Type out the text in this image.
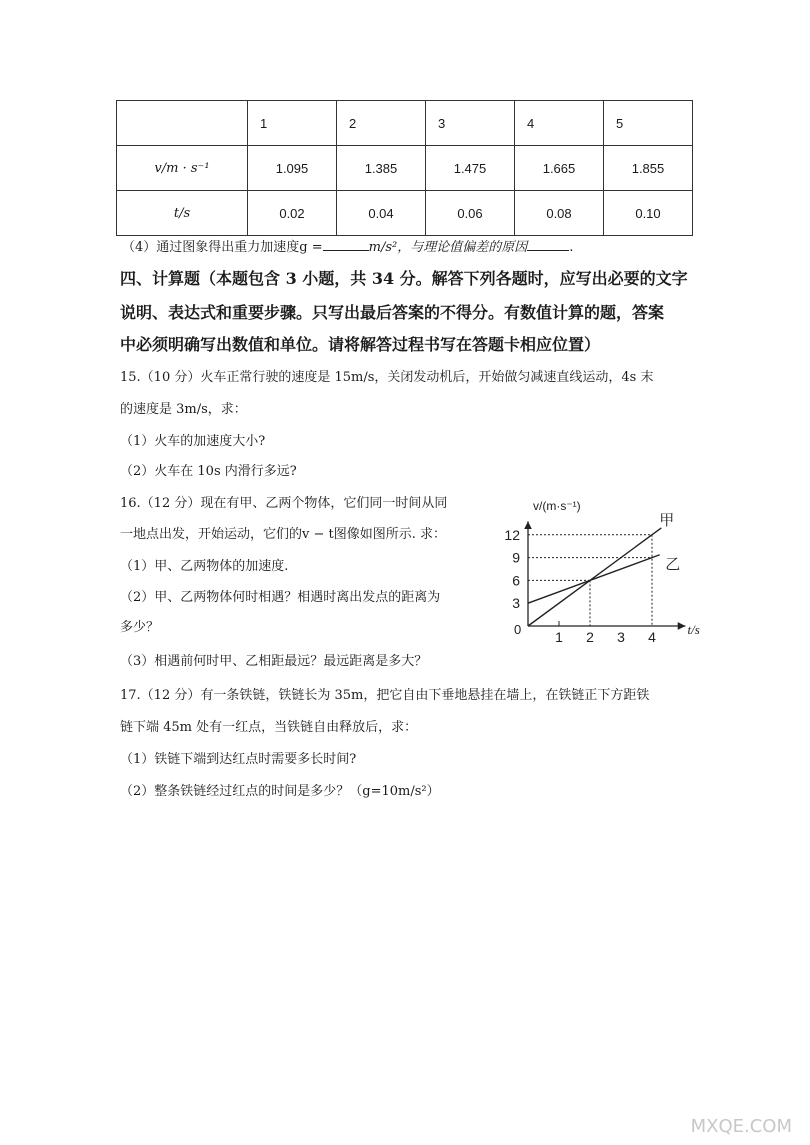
	1	2	3	4	5
v/m · s⁻¹	1.095	1.385	1.475	1.665	1.855
t/s	0.02	0.04	0.06	0.08	0.10
（4）通过图象得出重力加速度g =	m/s²，与理论值偏差的原因	.
四、计算题（本题包含 3 小题，共 34 分。解答下列各题时，应写出必要的文字
说明、表达式和重要步骤。只写出最后答案的不得分。有数值计算的题，答案
中必须明确写出数值和单位。请将解答过程书写在答题卡相应位置）
15.（10 分）火车正常行驶的速度是 15m/s，关闭发动机后，开始做匀减速直线运动，4s 末
的速度是 3m/s，求：
（1）火车的加速度大小?
（2）火车在 10s 内滑行多远?
16.（12 分）现在有甲、乙两个物体，它们同一时间从同
一地点出发，开始运动，它们的v − t图像如图所示. 求：
（1）甲、乙两物体的加速度.
（2）甲、乙两物体何时相遇？相遇时离出发点的距离为
多少？
（3）相遇前何时甲、乙相距最远？最远距离是多大？
3
6
9
12
1 2 3 4
v/(m·s⁻¹)
t/s
0
甲
乙
17.（12 分）有一条铁链，铁链长为 35m，把它自由下垂地悬挂在墙上，在铁链正下方距铁
链下端 45m 处有一红点，当铁链自由释放后，求：
（1）铁链下端到达红点时需要多长时间?
（2）整条铁链经过红点的时间是多少？（g=10m/s²）
MXQE.COM
